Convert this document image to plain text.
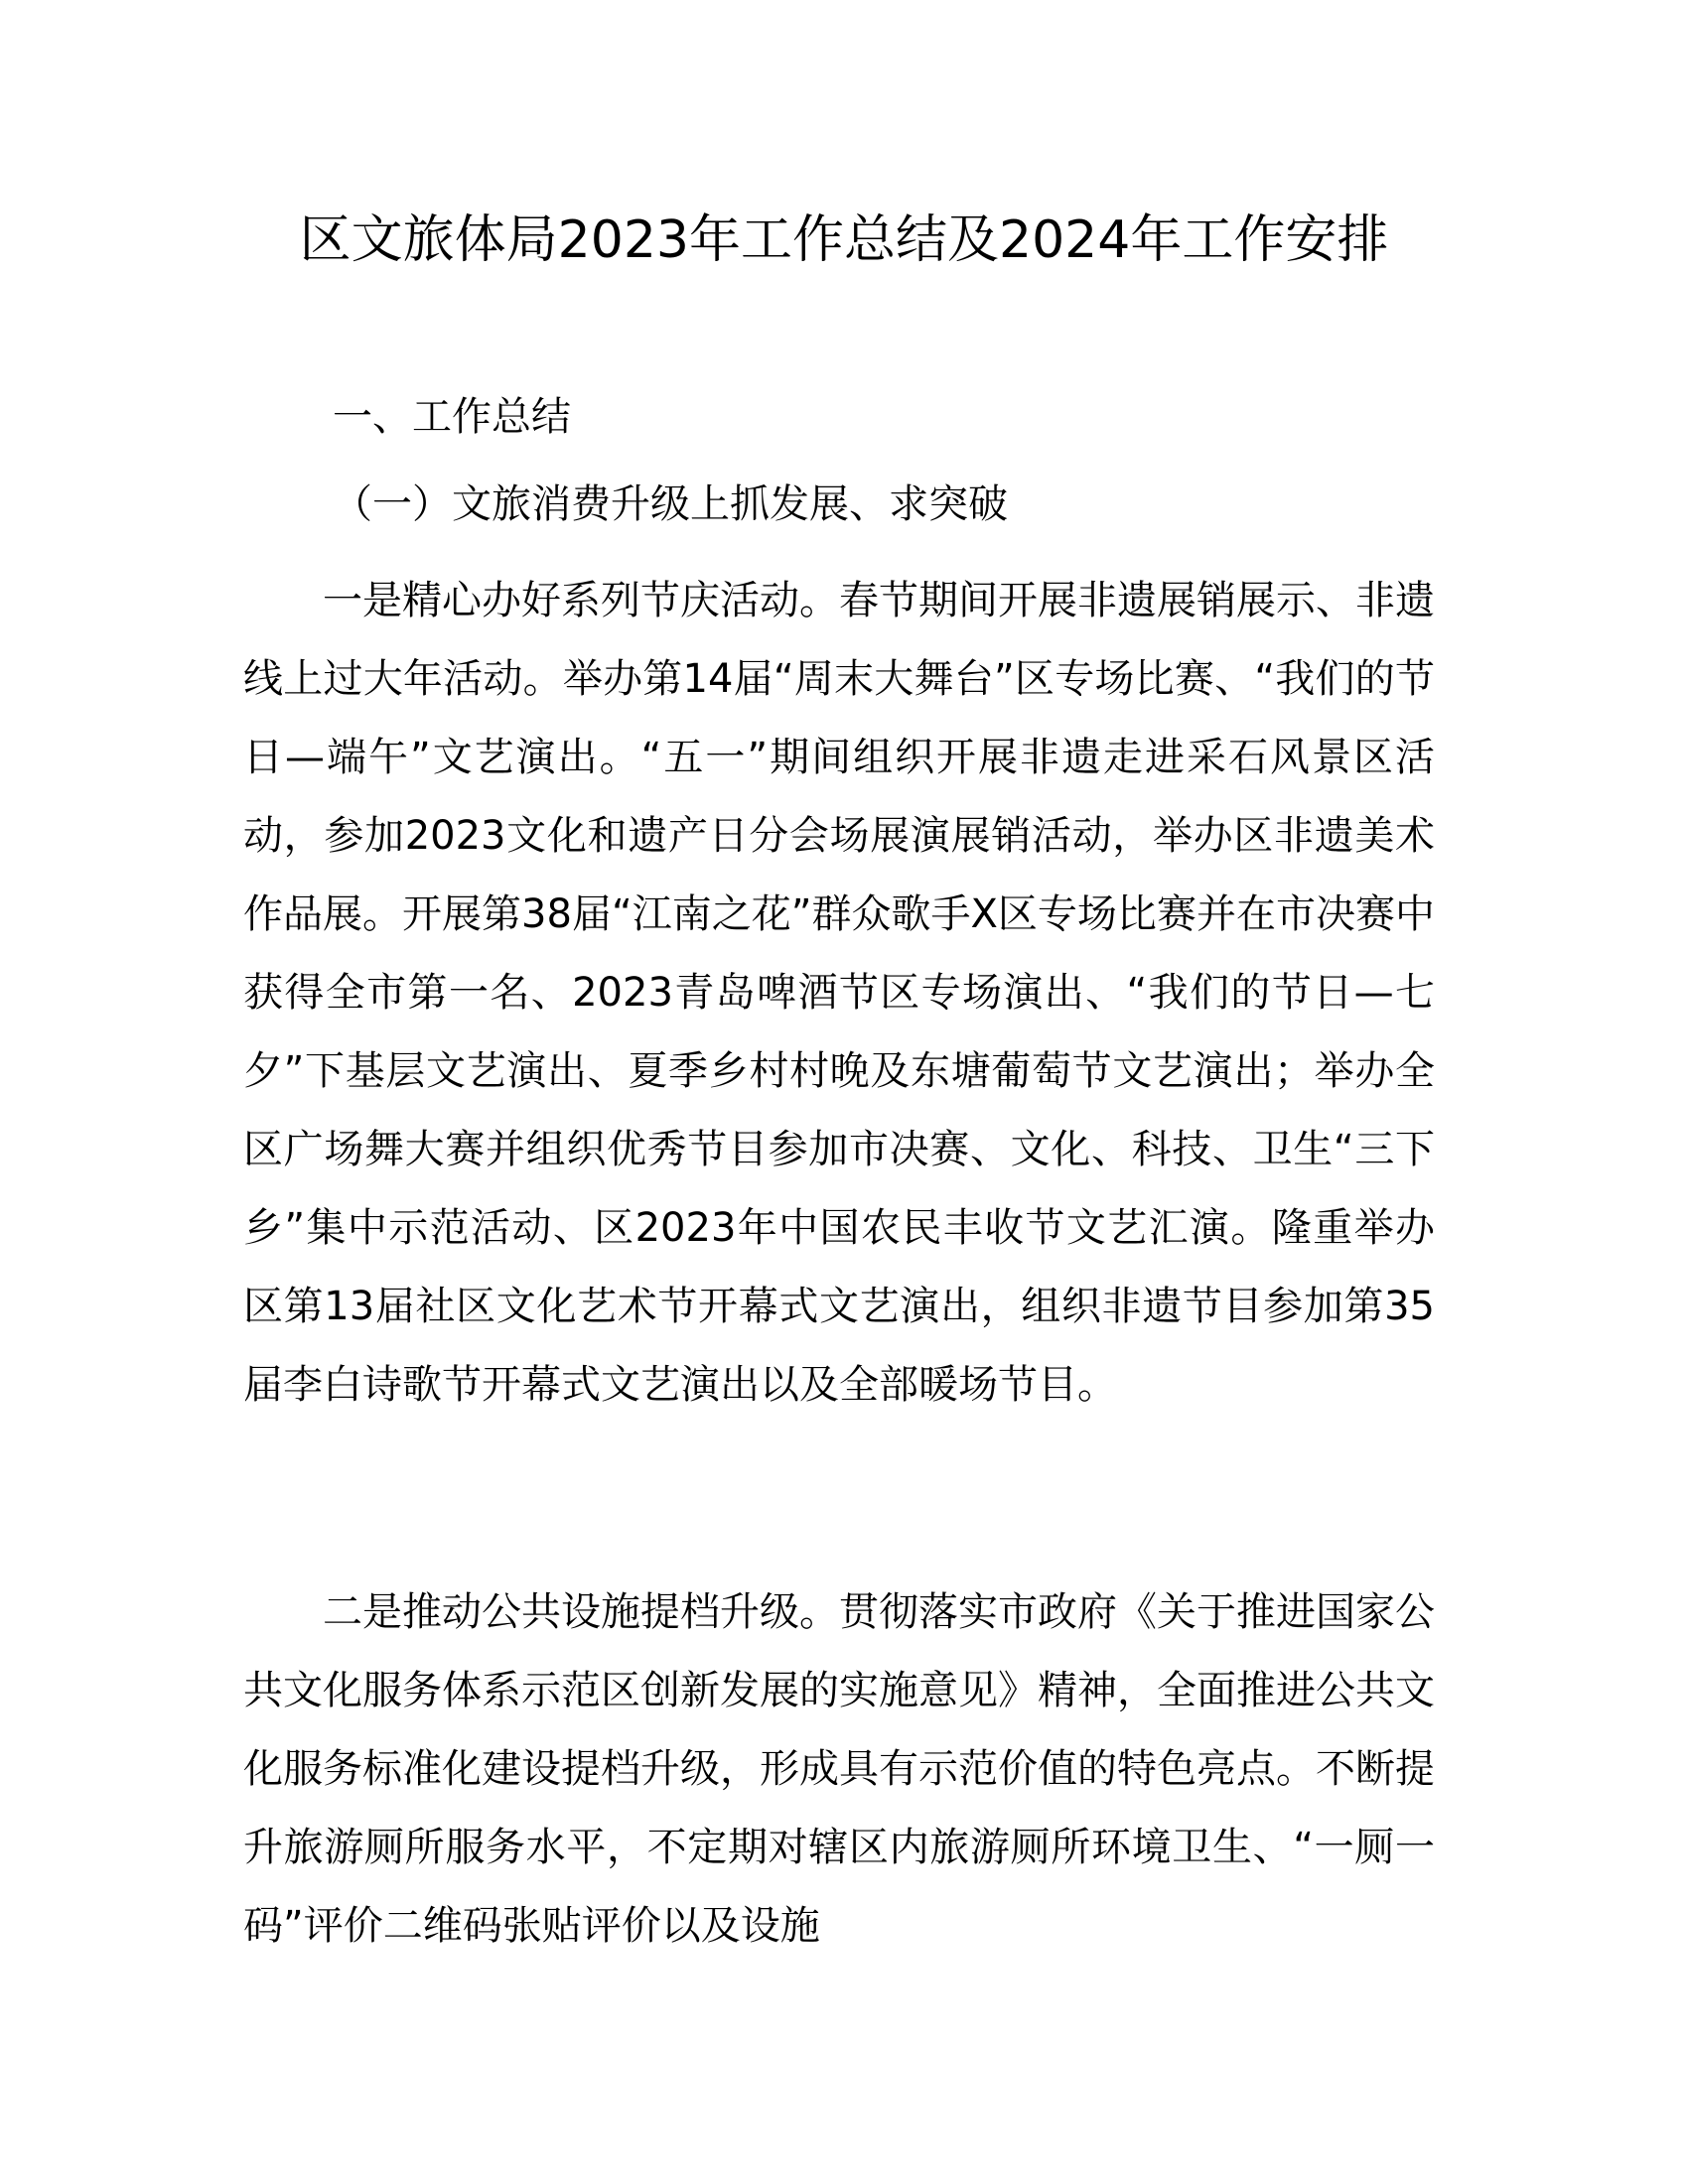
区文旅体局2023年工作总结及2024年工作安排

一、工作总结

（一）文旅消费升级上抓发展、求突破

一是精心办好系列节庆活动。春节期间开展非遗展销展示、非遗线上过大年活动。举办第14届“周末大舞台”区专场比赛、“我们的节日—端午”文艺演出。“五一”期间组织开展非遗走进采石风景区活动，参加2023文化和遗产日分会场展演展销活动，举办区非遗美术作品展。开展第38届“江南之花”群众歌手X区专场比赛并在市决赛中获得全市第一名、2023青岛啤酒节区专场演出、“我们的节日—七夕”下基层文艺演出、夏季乡村村晚及东塘葡萄节文艺演出；举办全区广场舞大赛并组织优秀节目参加市决赛、文化、科技、卫生“三下乡”集中示范活动、区2023年中国农民丰收节文艺汇演。隆重举办区第13届社区文化艺术节开幕式文艺演出，组织非遗节目参加第35届李白诗歌节开幕式文艺演出以及全部暖场节目。

二是推动公共设施提档升级。贯彻落实市政府《关于推进国家公共文化服务体系示范区创新发展的实施意见》精神，全面推进公共文化服务标准化建设提档升级，形成具有示范价值的特色亮点。不断提升旅游厕所服务水平，不定期对辖区内旅游厕所环境卫生、“一厕一码”评价二维码张贴评价以及设施
